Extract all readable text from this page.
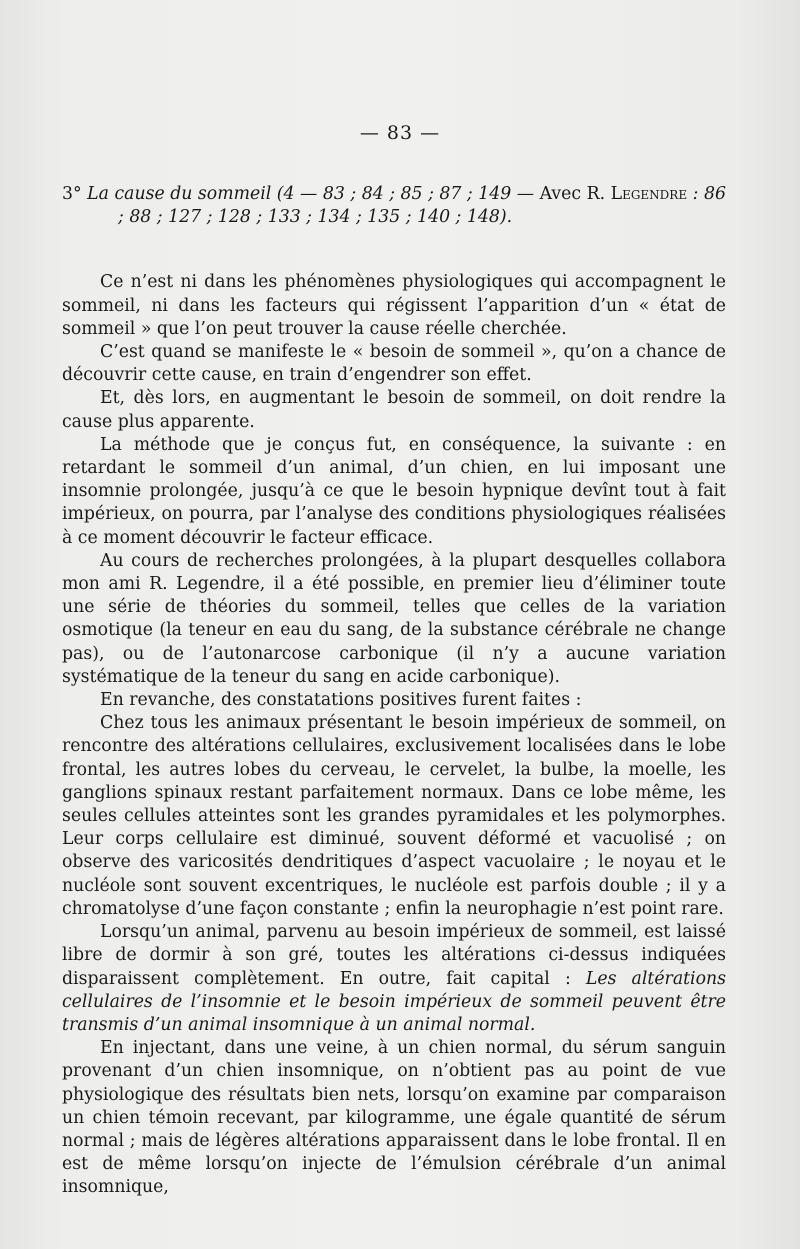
— 83 —
3° La cause du sommeil (4 — 83 ; 84 ; 85 ; 87 ; 149 — Avec R. Legendre : 86 ; 88 ; 127 ; 128 ; 133 ; 134 ; 135 ; 140 ; 148).

Ce n’est ni dans les phénomènes physiologiques qui accompagnent le sommeil, ni dans les facteurs qui régissent l’apparition d’un « état de sommeil » que l’on peut trouver la cause réelle cherchée.

C’est quand se manifeste le « besoin de sommeil », qu’on a chance de découvrir cette cause, en train d’engendrer son effet.

Et, dès lors, en augmentant le besoin de sommeil, on doit rendre la cause plus apparente.

La méthode que je conçus fut, en conséquence, la suivante : en retardant le sommeil d’un animal, d’un chien, en lui imposant une insomnie prolongée, jusqu’à ce que le besoin hypnique devînt tout à fait impérieux, on pourra, par l’analyse des conditions physiologiques réalisées à ce moment découvrir le facteur efficace.

Au cours de recherches prolongées, à la plupart desquelles collabora mon ami R. Legendre, il a été possible, en premier lieu d’éliminer toute une série de théories du sommeil, telles que celles de la variation osmotique (la teneur en eau du sang, de la substance cérébrale ne change pas), ou de l’autonarcose carbonique (il n’y a aucune variation systématique de la teneur du sang en acide carbonique).

En revanche, des constatations positives furent faites :

Chez tous les animaux présentant le besoin impérieux de sommeil, on rencontre des altérations cellulaires, exclusivement localisées dans le lobe frontal, les autres lobes du cerveau, le cervelet, la bulbe, la moelle, les ganglions spinaux restant parfaitement normaux. Dans ce lobe même, les seules cellules atteintes sont les grandes pyramidales et les polymorphes. Leur corps cellulaire est diminué, souvent déformé et vacuolisé ; on observe des varicosités dendritiques d’aspect vacuolaire ; le noyau et le nucléole sont souvent excentriques, le nucléole est parfois double ; il y a chromatolyse d’une façon constante ; enfin la neurophagie n’est point rare.

Lorsqu’un animal, parvenu au besoin impérieux de sommeil, est laissé libre de dormir à son gré, toutes les altérations ci-dessus indiquées disparaissent complètement. En outre, fait capital : Les altérations cellulaires de l’insomnie et le besoin impérieux de sommeil peuvent être transmis d’un animal insomnique à un animal normal.

En injectant, dans une veine, à un chien normal, du sérum sanguin provenant d’un chien insomnique, on n’obtient pas au point de vue physiologique des résultats bien nets, lorsqu’on examine par comparaison un chien témoin recevant, par kilogramme, une égale quantité de sérum normal ; mais de légères altérations apparaissent dans le lobe frontal. Il en est de même lorsqu’on injecte de l’émulsion cérébrale d’un animal insomnique,
